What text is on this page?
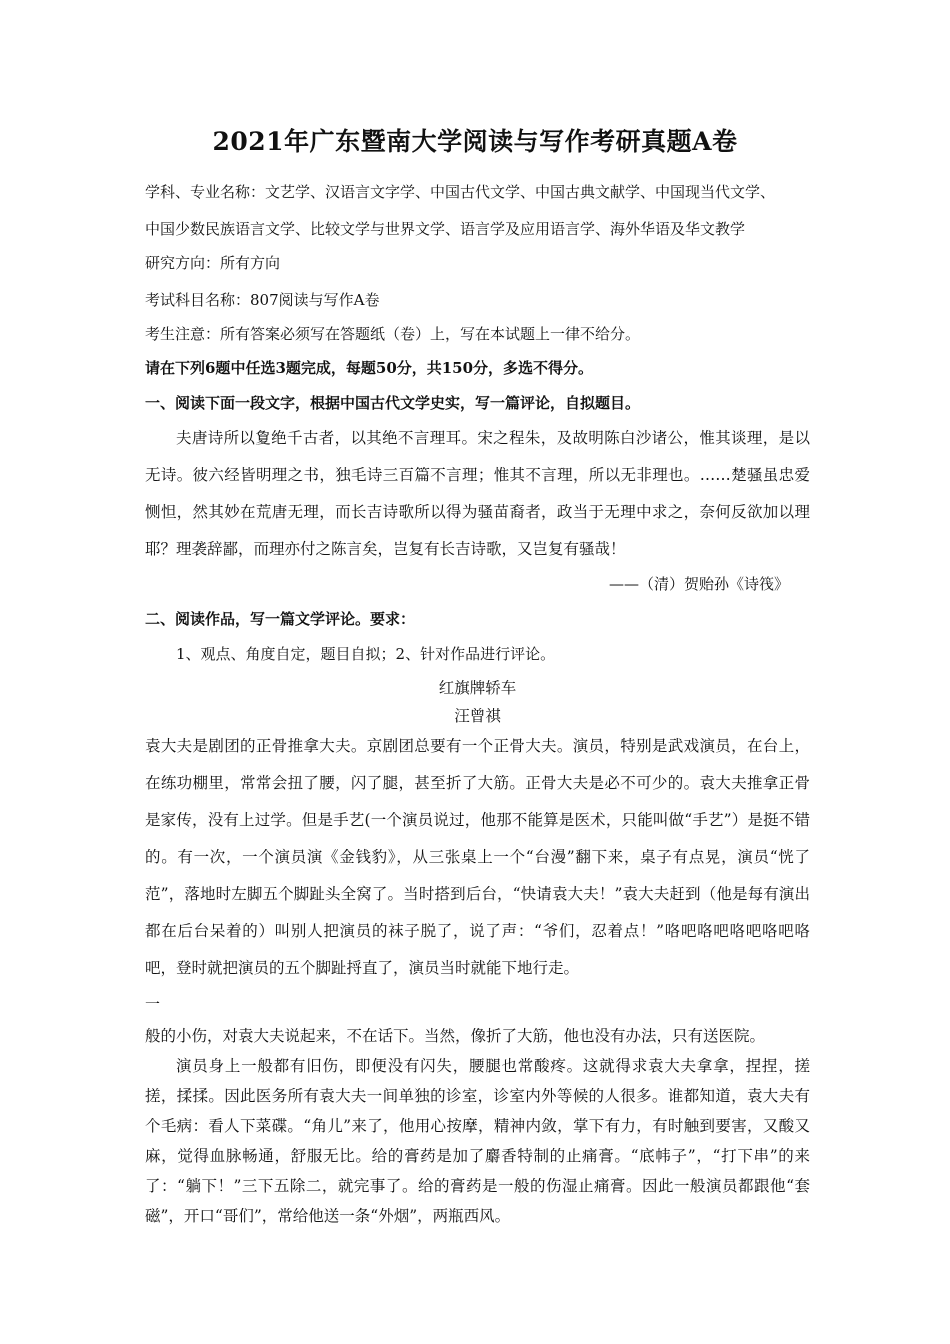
2021年广东暨南大学阅读与写作考研真题A卷
学科、专业名称：文艺学、汉语言文字学、中国古代文学、中国古典文献学、中国现当代文学、
中国少数民族语言文学、比较文学与世界文学、语言学及应用语言学、海外华语及华文教学
研究方向：所有方向
考试科目名称：807阅读与写作A卷
考生注意：所有答案必须写在答题纸（卷）上，写在本试题上一律不给分。
请在下列6题中任选3题完成，每题50分，共150分，多选不得分。
一、阅读下面一段文字，根据中国古代文学史实，写一篇评论，自拟题目。
夫唐诗所以夐绝千古者，以其绝不言理耳。宋之程朱，及故明陈白沙诸公，惟其谈理，是以无诗。彼六经皆明理之书，独毛诗三百篇不言理；惟其不言理，所以无非理也。……楚骚虽忠爱恻怛，然其妙在荒唐无理，而长吉诗歌所以得为骚苗裔者，政当于无理中求之，奈何反欲加以理耶？理袭辞鄙，而理亦付之陈言矣，岂复有长吉诗歌，又岂复有骚哉！
——（清）贺贻孙《诗筏》
二、阅读作品，写一篇文学评论。要求：
1、观点、角度自定，题目自拟；2、针对作品进行评论。
红旗牌轿车
汪曾祺
袁大夫是剧团的正骨推拿大夫。京剧团总要有一个正骨大夫。演员，特别是武戏演员，在台上，在练功棚里，常常会扭了腰，闪了腿，甚至折了大筋。正骨大夫是必不可少的。袁大夫推拿正骨是家传，没有上过学。但是手艺(一个演员说过，他那不能算是医术，只能叫做“手艺”）是挺不错的。有一次，一个演员演《金钱豹》，从三张桌上一个“台漫”翻下来，桌子有点晃，演员“恍了范”，落地时左脚五个脚趾头全窝了。当时搭到后台，“快请袁大夫！”袁大夫赶到（他是每有演出都在后台呆着的）叫别人把演员的袜子脱了，说了声：“爷们，忍着点！”咯吧咯吧咯吧咯吧咯吧，登时就把演员的五个脚趾捋直了，演员当时就能下地行走。
一
般的小伤，对袁大夫说起来，不在话下。当然，像折了大筋，他也没有办法，只有送医院。
演员身上一般都有旧伤，即便没有闪失，腰腿也常酸疼。这就得求袁大夫拿拿，捏捏，搓搓，揉揉。因此医务所有袁大夫一间单独的诊室，诊室内外等候的人很多。谁都知道，袁大夫有个毛病：看人下菜碟。“角儿”来了，他用心按摩，精神内敛，掌下有力，有时触到要害，又酸又麻，觉得血脉畅通，舒服无比。给的膏药是加了麝香特制的止痛膏。“底帏子”，“打下串”的来了：“躺下！”三下五除二，就完事了。给的膏药是一般的伤湿止痛膏。因此一般演员都跟他“套磁”，开口“哥们”，常给他送一条“外烟”，两瓶西风。
